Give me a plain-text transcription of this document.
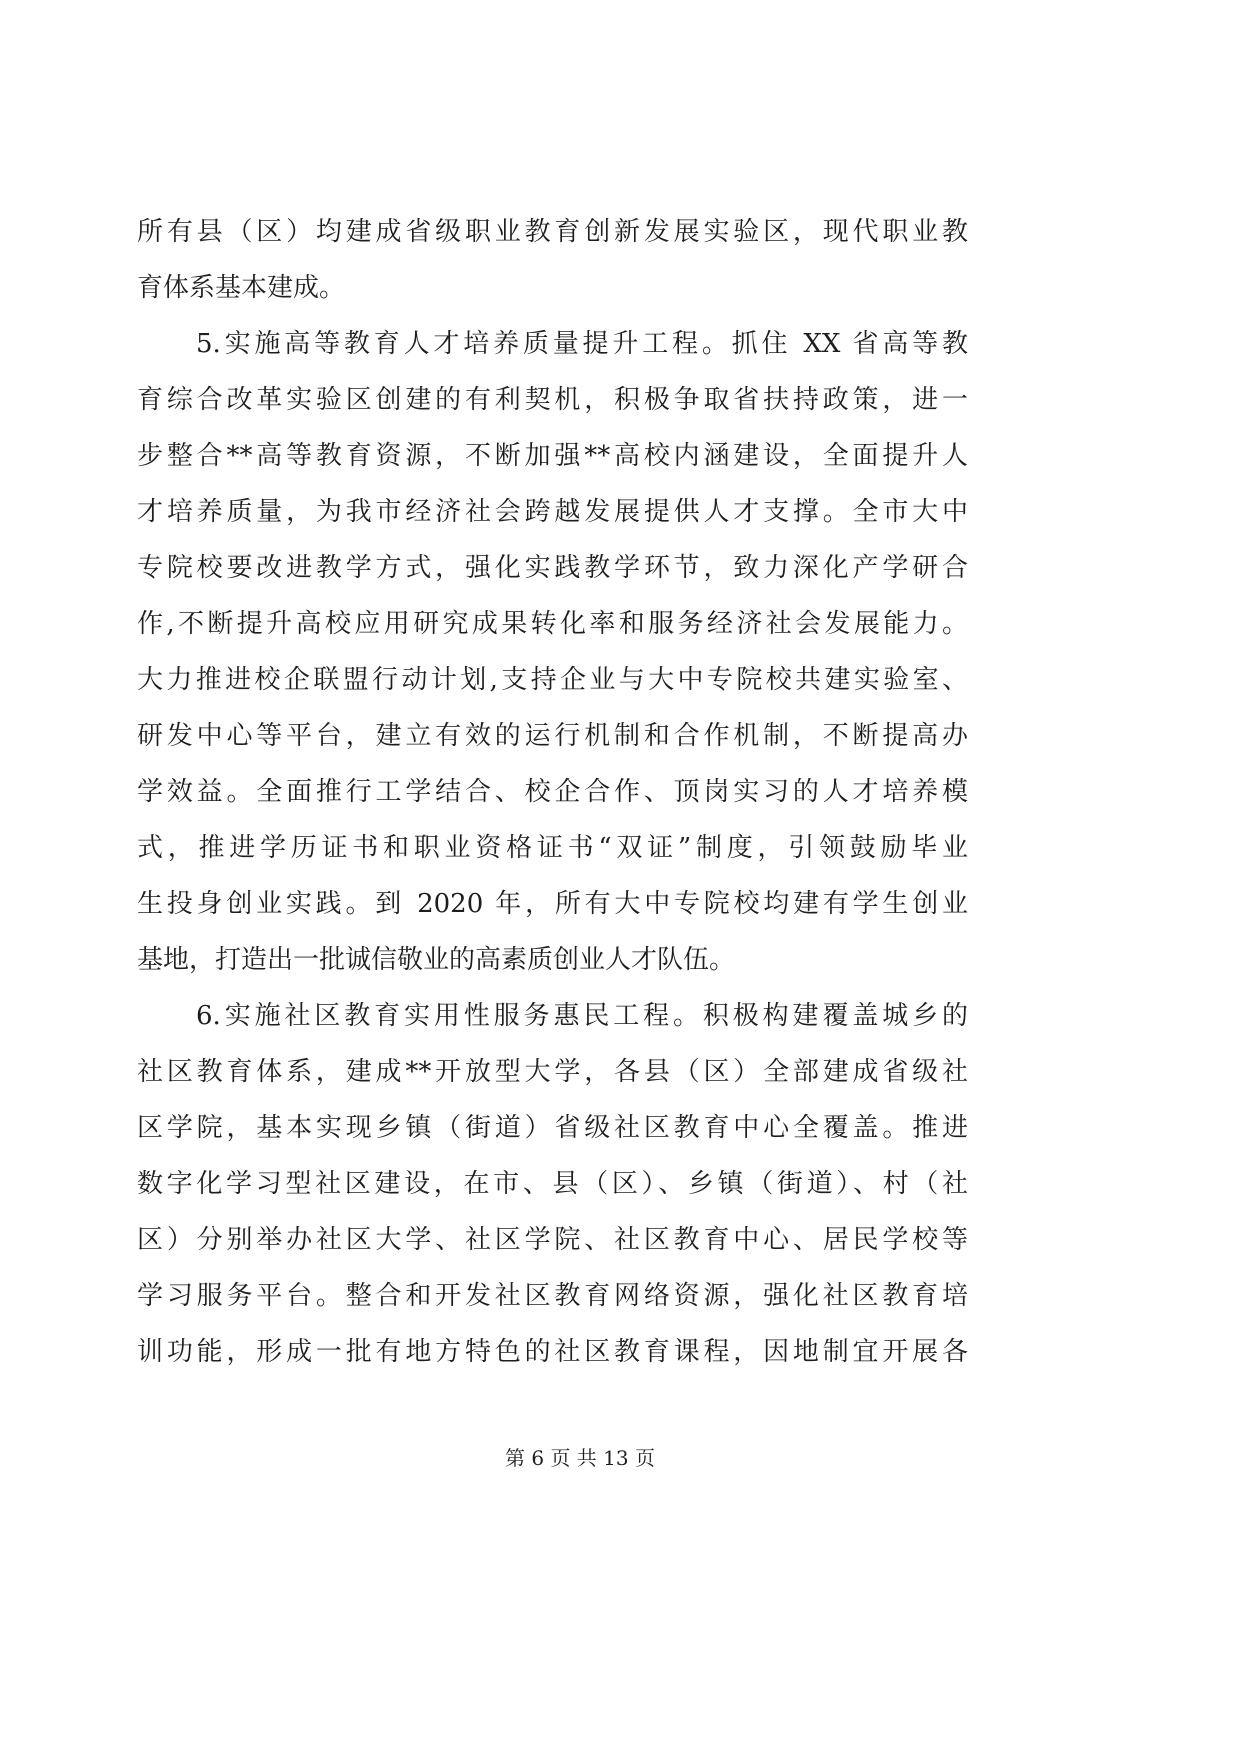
所有县（区）均建成省级职业教育创新发展实验区，现代职业教
育体系基本建成。
5.实施高等教育人才培养质量提升工程。抓住 XX 省高等教
育综合改革实验区创建的有利契机，积极争取省扶持政策，进一
步整合**高等教育资源，不断加强**高校内涵建设，全面提升人
才培养质量，为我市经济社会跨越发展提供人才支撑。全市大中
专院校要改进教学方式，强化实践教学环节，致力深化产学研合
作,不断提升高校应用研究成果转化率和服务经济社会发展能力。
大力推进校企联盟行动计划,支持企业与大中专院校共建实验室、
研发中心等平台，建立有效的运行机制和合作机制，不断提高办
学效益。全面推行工学结合、校企合作、顶岗实习的人才培养模
式，推进学历证书和职业资格证书“双证”制度，引领鼓励毕业
生投身创业实践。到 2020 年，所有大中专院校均建有学生创业
基地，打造出一批诚信敬业的高素质创业人才队伍。
6.实施社区教育实用性服务惠民工程。积极构建覆盖城乡的
社区教育体系，建成**开放型大学，各县（区）全部建成省级社
区学院，基本实现乡镇（街道）省级社区教育中心全覆盖。推进
数字化学习型社区建设，在市、县（区）、乡镇（街道）、村（社
区）分别举办社区大学、社区学院、社区教育中心、居民学校等
学习服务平台。整合和开发社区教育网络资源，强化社区教育培
训功能，形成一批有地方特色的社区教育课程，因地制宜开展各
第 6 页 共 13 页
